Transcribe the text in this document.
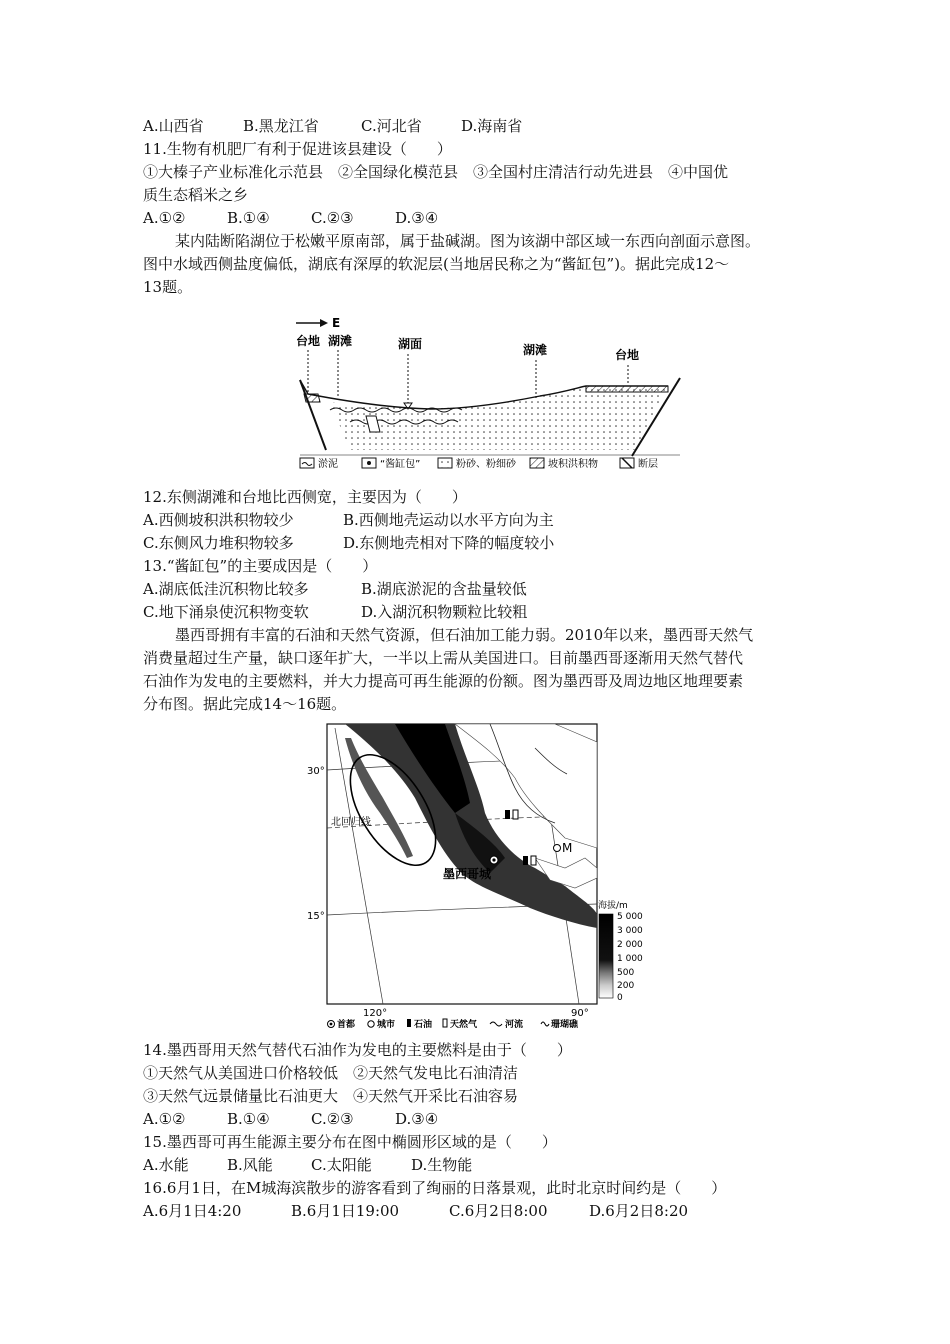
A.山西省	B.黑龙江省	C.河北省	D.海南省
11.生物有机肥厂有利于促进该县建设（　　）
①大榛子产业标准化示范县　②全国绿化模范县　③全国村庄清洁行动先进县　④中国优
质生态稻米之乡
A.①②	B.①④	C.②③	D.③④
某内陆断陷湖位于松嫩平原南部，属于盐碱湖。图为该湖中部区域一东西向剖面示意图。
图中水域西侧盐度偏低，湖底有深厚的软泥层(当地居民称之为“酱缸包”)。据此完成12～
13题。
E
台地 湖滩	湖面	湖滩	台地
淤泥	“酱缸包”	粉砂、粉细砂	坡积洪积物	断层
12.东侧湖滩和台地比西侧宽，主要因为（　　）
A.西侧坡积洪积物较少	B.西侧地壳运动以水平方向为主
C.东侧风力堆积物较多	D.东侧地壳相对下降的幅度较小
13.“酱缸包”的主要成因是（　　）
A.湖底低洼沉积物比较多	B.湖底淤泥的含盐量较低
C.地下涌泉使沉积物变软	D.入湖沉积物颗粒比较粗
墨西哥拥有丰富的石油和天然气资源，但石油加工能力弱。2010年以来，墨西哥天然气
消费量超过生产量，缺口逐年扩大，一半以上需从美国进口。目前墨西哥逐渐用天然气替代
石油作为发电的主要燃料，并大力提高可再生能源的份额。图为墨西哥及周边地区地理要素
分布图。据此完成14～16题。
墨西哥城
M
30°
15°
北回归线
120°	90°
海拔/m
5 000
3 000
2 000
1 000
500
200
0
首都 城市 石油 天然气	河流	珊瑚礁
14.墨西哥用天然气替代石油作为发电的主要燃料是由于（　　）
①天然气从美国进口价格较低　②天然气发电比石油清洁
③天然气远景储量比石油更大　④天然气开采比石油容易
A.①②	B.①④	C.②③	D.③④
15.墨西哥可再生能源主要分布在图中椭圆形区域的是（　　）
A.水能	B.风能	C.太阳能	D.生物能
16.6月1日，在M城海滨散步的游客看到了绚丽的日落景观，此时北京时间约是（　　）
A.6月1日4:20	B.6月1日19:00	C.6月2日8:00	D.6月2日8:20
